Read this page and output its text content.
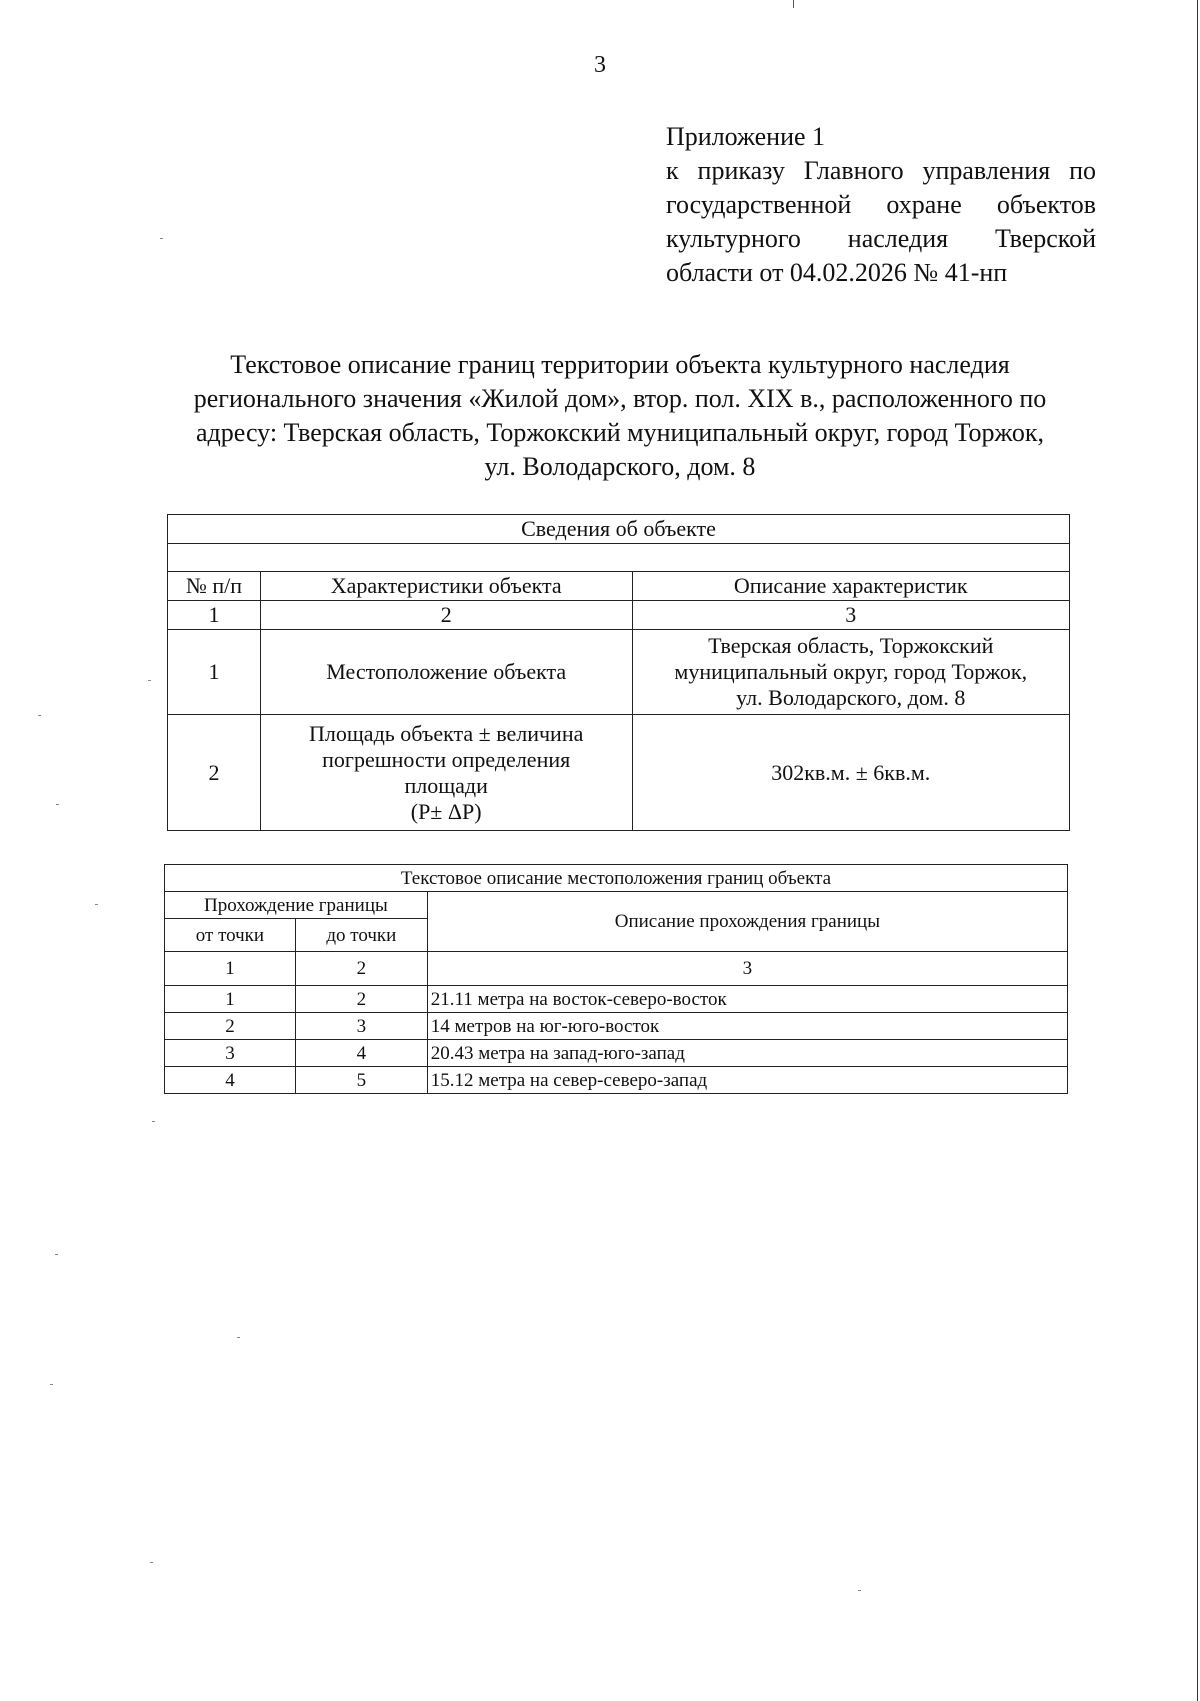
3
Приложение 1
к приказу Главного управления по
государственной охране объектов
культурного наследия Тверской
области от 04.02.2026 № 41-нп
Текстовое описание границ территории объекта культурного наследия
регионального значения «Жилой дом», втор. пол. XIX в., расположенного по
адресу: Тверская область, Торжокский муниципальный округ, город Торжок,
ул. Володарского, дом. 8
Сведения об объекте		

№ п/п	Характеристики объекта	Описание характеристик
1	2	3
1	Местоположение объекта	Тверская область, Торжокский
муниципальный округ, город Торжок,
ул. Володарского, дом. 8

2	Площадь объекта ± величина
погрешности определения
площади
(P± ΔP)	302кв.м. ± 6кв.м.
Текстовое описание местоположения границ объекта		
Прохождение границы		Описание прохождения границы
от точки	до точки	
1	2	3
1	2	21.11 метра на восток-северо-восток
2	3	14 метров на юг-юго-восток
3	4	20.43 метра на запад-юго-запад
4	5	15.12 метра на север-северо-запад
